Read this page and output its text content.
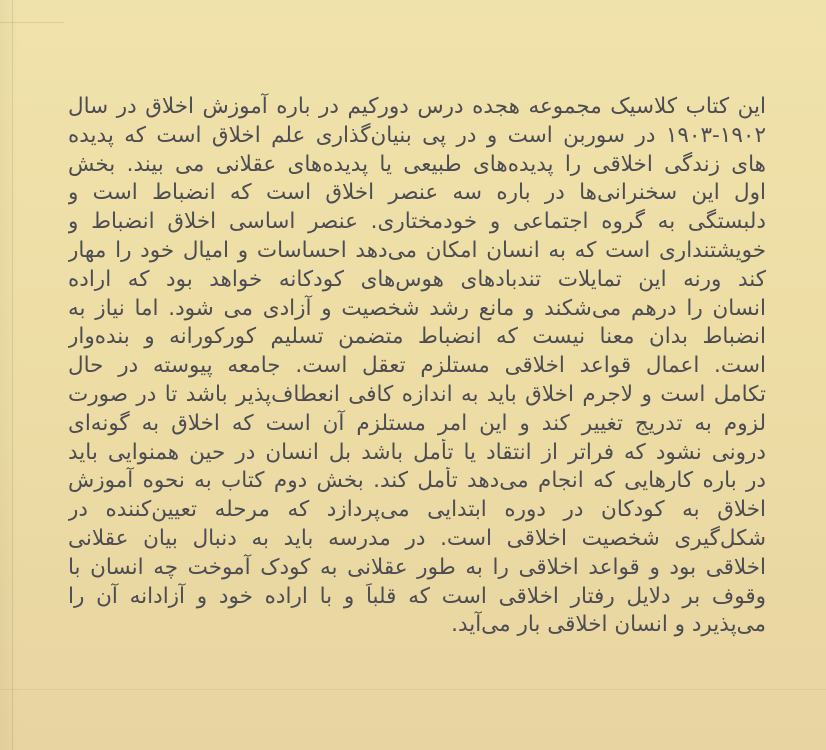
این کتاب کلاسیک مجموعه هجده درس دورکیم در باره آموزش اخلاق در سال
۱۹۰۲‏-‏۱۹۰۳ در سوربن است و در پی بنیان‌گذاری علم اخلاق است که پدیده
های زندگی اخلاقی را پدیده‌های طبیعی یا پدیده‌های عقلانی می بیند. بخش
اول این سخنرانی‌ها در باره سه عنصر اخلاق است که انضباط است و
دلبستگی به گروه اجتماعی و خودمختاری. عنصر اساسی اخلاق انضباط و
خویشتنداری است که به انسان امکان می‌دهد احساسات و امیال خود را مهار
کند ورنه این تمایلات تندبادهای هوس‌های کودکانه خواهد بود که اراده
انسان را درهم می‌شکند و مانع رشد شخصیت و آزادی می شود. اما نیاز به
انضباط بدان معنا نیست که انضباط متضمن تسلیم کورکورانه و بنده‌وار
است. اعمال قواعد اخلاقی مستلزم تعقل است. جامعه پیوسته در حال
تکامل است و لاجرم اخلاق باید به اندازه کافی انعطاف‌پذیر باشد تا در صورت
لزوم به تدریج تغییر کند و این امر مستلزم آن است که اخلاق به گونه‌ای
درونی نشود که فراتر از انتقاد یا تأمل باشد بل انسان در حین همنوایی باید
در باره کارهایی که انجام می‌دهد تأمل کند. بخش دوم کتاب به نحوه آموزش
اخلاق به کودکان در دوره ابتدایی می‌پردازد که مرحله تعیین‌کننده در
شکل‌گیری شخصیت اخلاقی است. در مدرسه باید به دنبال بیان عقلانی
اخلاقی بود و قواعد اخلاقی را به طور عقلانی به کودک آموخت چه انسان با
وقوف بر دلایل رفتار اخلاقی است که قلباً و با اراده خود و آزادانه آن را
می‌پذیرد و انسان اخلاقی بار می‌آید.
